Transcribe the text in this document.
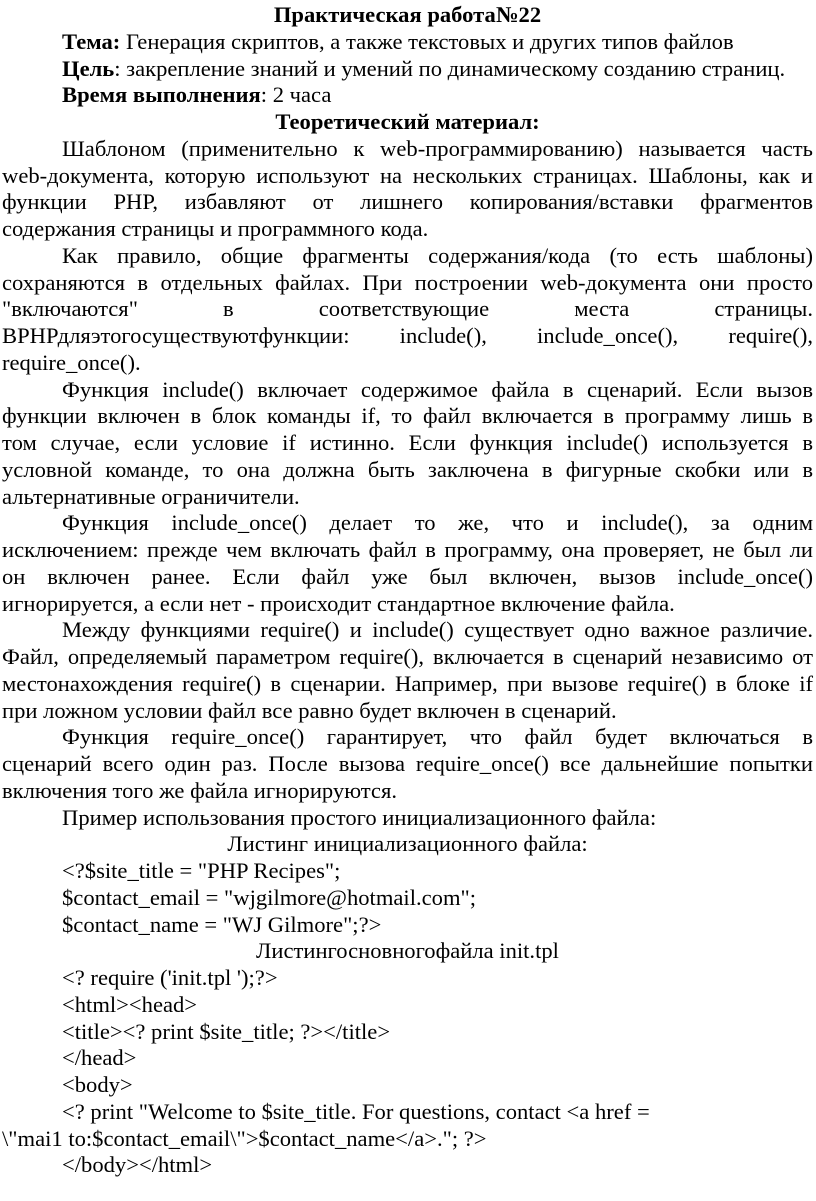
Практическая работа№22
Тема: Генерация скриптов, а также текстовых и других типов файлов
Цель: закрепление знаний и умений по динамическому созданию страниц.
Время выполнения: 2 часа
Теоретический материал:
Шаблоном (применительно к web-программированию) называется часть
web-документа, которую используют на нескольких страницах. Шаблоны, как и
функции PHP, избавляют от лишнего копирования/вставки фрагментов
содержания страницы и программного кода.
Как правило, общие фрагменты содержания/кода (то есть шаблоны)
сохраняются в отдельных файлах. При построении web-документа они просто
"включаются" в соответствующие места страницы.
ВРНРдляэтогосуществуютфункции: include(), include_once(), require(),
require_once().
Функция include() включает содержимое файла в сценарий. Если вызов
функции включен в блок команды if, то файл включается в программу лишь в
том случае, если условие if истинно. Если функция include() используется в
условной команде, то она должна быть заключена в фигурные скобки или в
альтернативные ограничители.
Функция include_once() делает то же, что и include(), за одним
исключением: прежде чем включать файл в программу, она проверяет, не был ли
он включен ранее. Если файл уже был включен, вызов include_once()
игнорируется, а если нет - происходит стандартное включение файла.
Между функциями require() и include() существует одно важное различие.
Файл, определяемый параметром require(), включается в сценарий независимо от
местонахождения require() в сценарии. Например, при вызове require() в блоке if
при ложном условии файл все равно будет включен в сценарий.
Функция require_once() гарантирует, что файл будет включаться в
сценарий всего один раз. После вызова require_once() все дальнейшие попытки
включения того же файла игнорируются.
Пример использования простого инициализационного файла:
Листинг инициализационного файла:
<?$site_title = "PHP Recipes";
$contact_email = "wjgilmore@hotmail.com";
$contact_name = "WJ Gilmore";?>
Листингосновногофайла init.tpl
<? require ('init.tpl ');?>
<html><head>
<title><? print $site_title; ?></title>
</head>
<body>
<? print "Welcome to $site_title. For questions, contact <a href =
\"mai1 to:$contact_email\">$contact_name</a>."; ?>
</body></html>
